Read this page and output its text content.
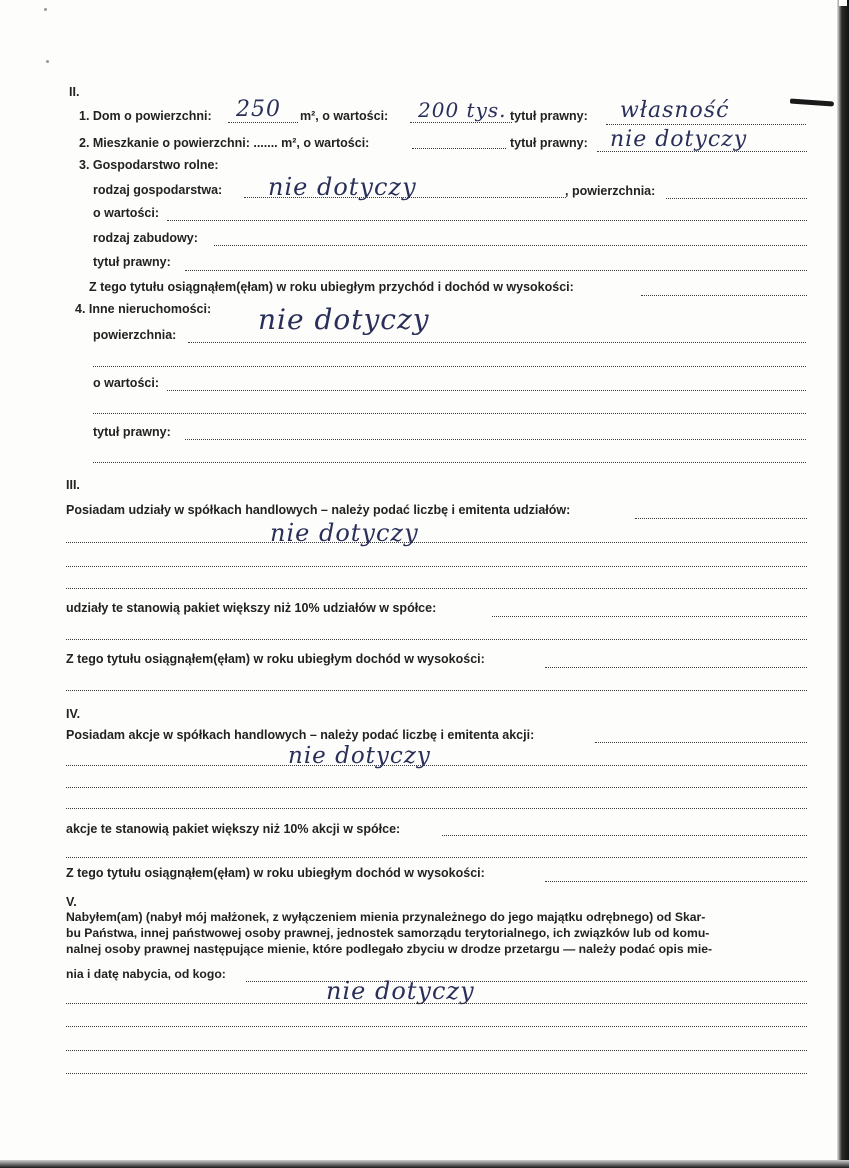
II.
1. Dom o powierzchni: 250 m², o wartości: 200 tys. tytuł prawny: własność
2. Mieszkanie o powierzchni: ....... m², o wartości:	tytuł prawny: nie dotyczy
3. Gospodarstwo rolne:
rodzaj gospodarstwa: nie dotyczy	, powierzchnia:
o wartości:
rodzaj zabudowy:
tytuł prawny:
Z tego tytułu osiągnąłem(ęłam) w roku ubiegłym przychód i dochód w wysokości:
4. Inne nieruchomości: nie dotyczy
powierzchnia:
o wartości:
tytuł prawny:
III.
Posiadam udziały w spółkach handlowych – należy podać liczbę i emitenta udziałów:
nie dotyczy
udziały te stanowią pakiet większy niż 10% udziałów w spółce:
Z tego tytułu osiągnąłem(ęłam) w roku ubiegłym dochód w wysokości:
IV.
Posiadam akcje w spółkach handlowych – należy podać liczbę i emitenta akcji:
nie dotyczy
akcje te stanowią pakiet większy niż 10% akcji w spółce:
Z tego tytułu osiągnąłem(ęłam) w roku ubiegłym dochód w wysokości:
V.
Nabyłem(am) (nabył mój małżonek, z wyłączeniem mienia przynależnego do jego majątku odrębnego) od Skar-
bu Państwa, innej państwowej osoby prawnej, jednostek samorządu terytorialnego, ich związków lub od komu-
nalnej osoby prawnej następujące mienie, które podlegało zbyciu w drodze przetargu — należy podać opis mie-
nia i datę nabycia, od kogo:
nie dotyczy
